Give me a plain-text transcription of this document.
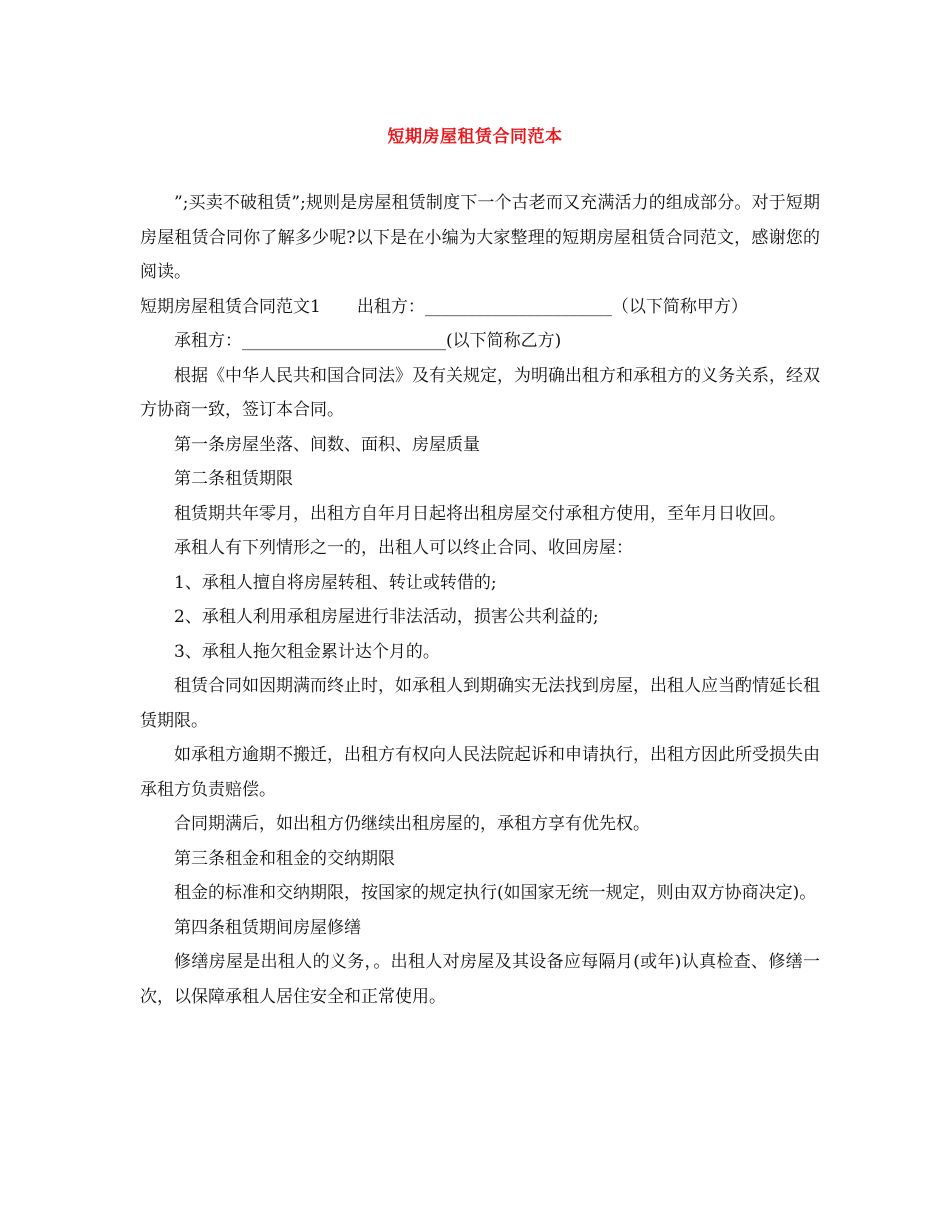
短期房屋租赁合同范本

”;买卖不破租赁”;规则是房屋租赁制度下一个古老而又充满活力的组成部分。对于短期房屋租赁合同你了解多少呢?以下是在小编为大家整理的短期房屋租赁合同范文，感谢您的阅读。

短期房屋租赁合同范文1 出租方：______________________（以下简称甲方）

承租方：________________________(以下简称乙方)

根据《中华人民共和国合同法》及有关规定，为明确出租方和承租方的义务关系，经双方协商一致，签订本合同。

第一条房屋坐落、间数、面积、房屋质量

第二条租赁期限

租赁期共年零月，出租方自年月日起将出租房屋交付承租方使用，至年月日收回。

承租人有下列情形之一的，出租人可以终止合同、收回房屋：

1、承租人擅自将房屋转租、转让或转借的;

2、承租人利用承租房屋进行非法活动，损害公共利益的;

3、承租人拖欠租金累计达个月的。

租赁合同如因期满而终止时，如承租人到期确实无法找到房屋，出租人应当酌情延长租赁期限。

如承租方逾期不搬迁，出租方有权向人民法院起诉和申请执行，出租方因此所受损失由承租方负责赔偿。

合同期满后，如出租方仍继续出租房屋的，承租方享有优先权。

第三条租金和租金的交纳期限

租金的标准和交纳期限，按国家的规定执行(如国家无统一规定，则由双方协商决定)。

第四条租赁期间房屋修缮

修缮房屋是出租人的义务，。出租人对房屋及其设备应每隔月(或年)认真检查、修缮一次，以保障承租人居住安全和正常使用。
